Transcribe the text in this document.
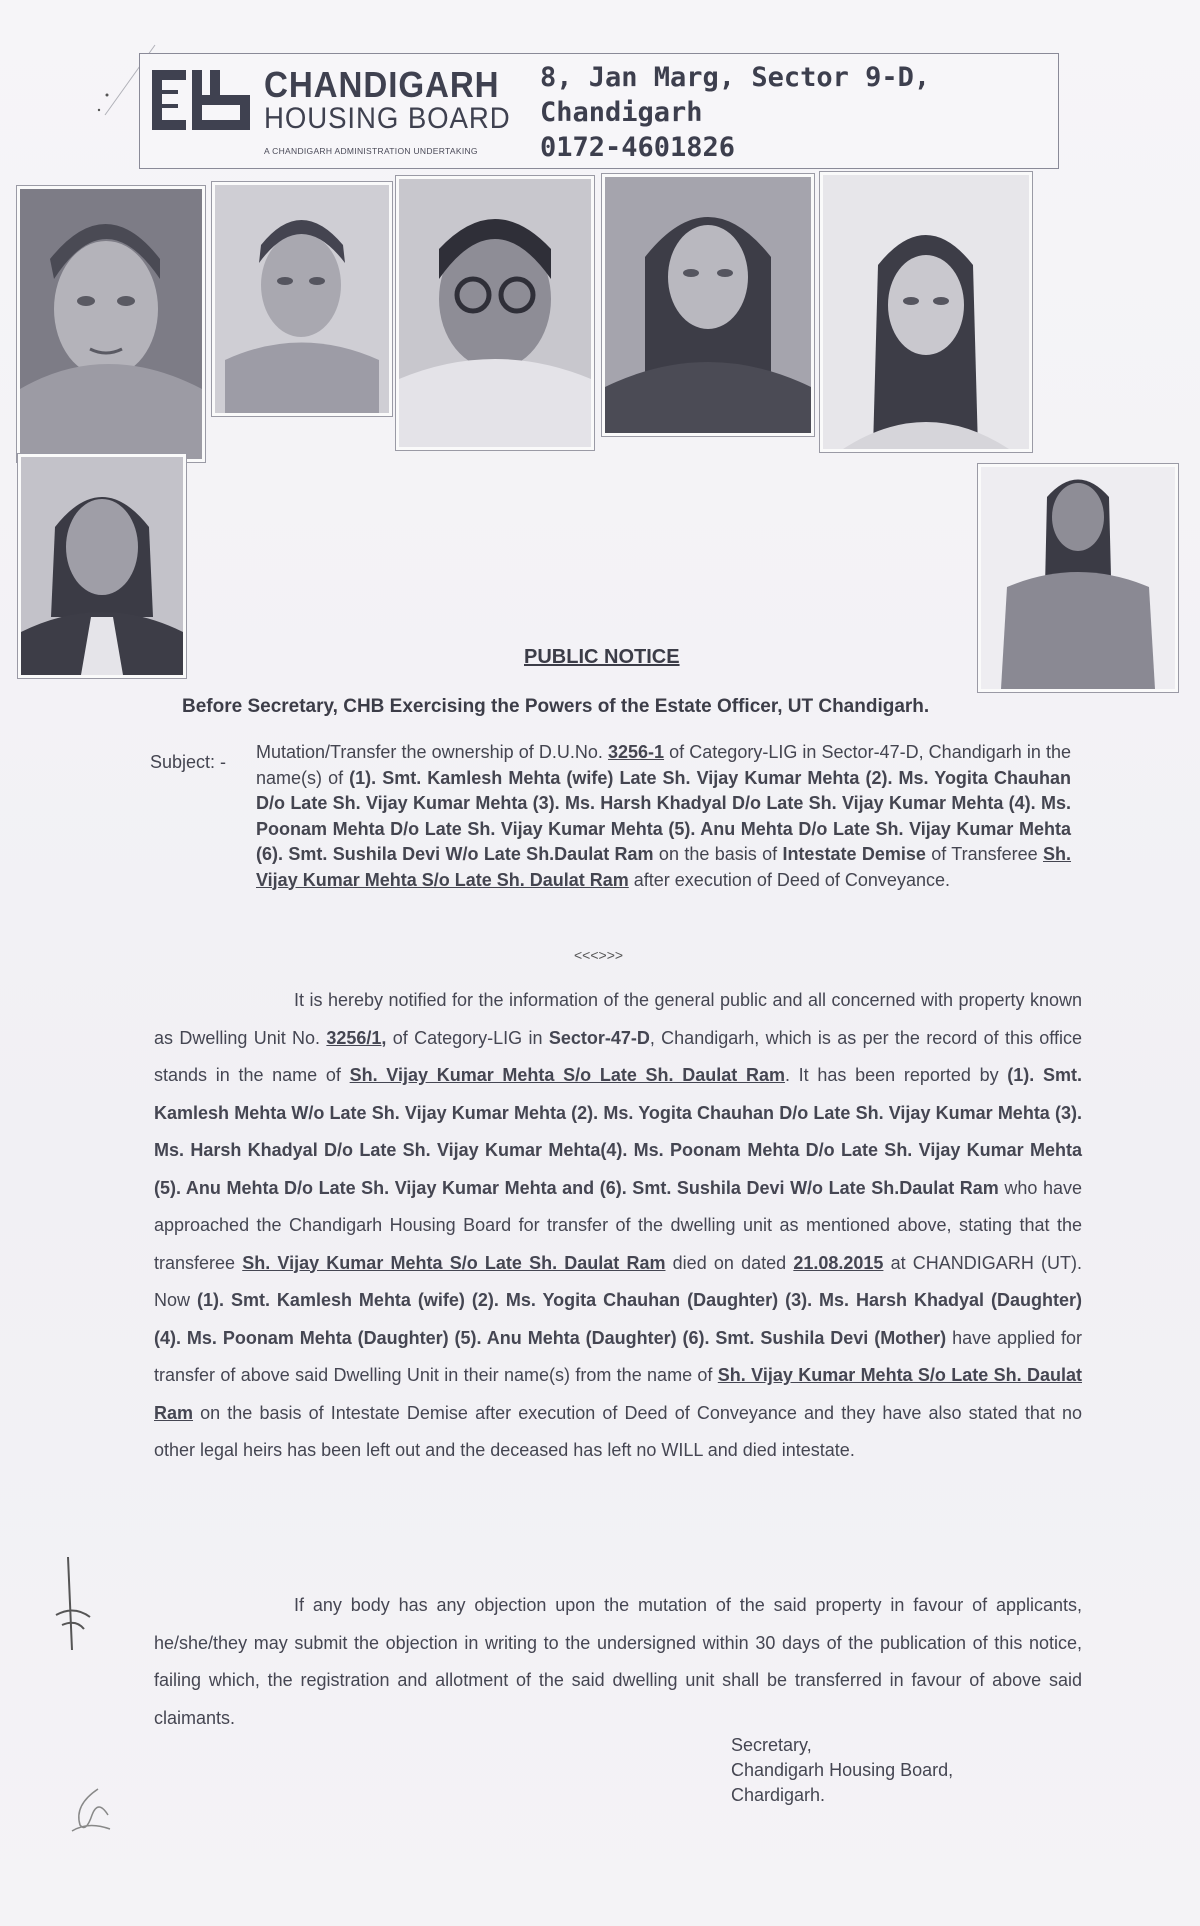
CHANDIGARH
HOUSING BOARD
A CHANDIGARH ADMINISTRATION UNDERTAKING
8, Jan Marg, Sector 9-D,
Chandigarh
0172-4601826
PUBLIC NOTICE
Before Secretary, CHB Exercising the Powers of the Estate Officer, UT Chandigarh.
Subject: - Mutation/Transfer the ownership of D.U.No. 3256-1 of Category-LIG in Sector-47-D, Chandigarh in the name(s) of (1). Smt. Kamlesh Mehta (wife) Late Sh. Vijay Kumar Mehta (2). Ms. Yogita Chauhan D/o Late Sh. Vijay Kumar Mehta (3). Ms. Harsh Khadyal D/o Late Sh. Vijay Kumar Mehta (4). Ms. Poonam Mehta D/o Late Sh. Vijay Kumar Mehta (5). Anu Mehta D/o Late Sh. Vijay Kumar Mehta (6). Smt. Sushila Devi W/o Late Sh.Daulat Ram on the basis of Intestate Demise of Transferee Sh. Vijay Kumar Mehta S/o Late Sh. Daulat Ram after execution of Deed of Conveyance.
<<<>>>
It is hereby notified for the information of the general public and all concerned with property known as Dwelling Unit No. 3256/1, of Category-LIG in Sector-47-D, Chandigarh, which is as per the record of this office stands in the name of Sh. Vijay Kumar Mehta S/o Late Sh. Daulat Ram. It has been reported by (1). Smt. Kamlesh Mehta W/o Late Sh. Vijay Kumar Mehta (2). Ms. Yogita Chauhan D/o Late Sh. Vijay Kumar Mehta (3). Ms. Harsh Khadyal D/o Late Sh. Vijay Kumar Mehta(4). Ms. Poonam Mehta D/o Late Sh. Vijay Kumar Mehta (5). Anu Mehta D/o Late Sh. Vijay Kumar Mehta and (6). Smt. Sushila Devi W/o Late Sh.Daulat Ram who have approached the Chandigarh Housing Board for transfer of the dwelling unit as mentioned above, stating that the transferee Sh. Vijay Kumar Mehta S/o Late Sh. Daulat Ram died on dated 21.08.2015 at CHANDIGARH (UT). Now (1). Smt. Kamlesh Mehta (wife) (2). Ms. Yogita Chauhan (Daughter) (3). Ms. Harsh Khadyal (Daughter) (4). Ms. Poonam Mehta (Daughter) (5). Anu Mehta (Daughter) (6). Smt. Sushila Devi (Mother) have applied for transfer of above said Dwelling Unit in their name(s) from the name of Sh. Vijay Kumar Mehta S/o Late Sh. Daulat Ram on the basis of Intestate Demise after execution of Deed of Conveyance and they have also stated that no other legal heirs has been left out and the deceased has left no WILL and died intestate.
If any body has any objection upon the mutation of the said property in favour of applicants, he/she/they may submit the objection in writing to the undersigned within 30 days of the publication of this notice, failing which, the registration and allotment of the said dwelling unit shall be transferred in favour of above said claimants.
Secretary,
Chandigarh Housing Board,
Chardigarh.
